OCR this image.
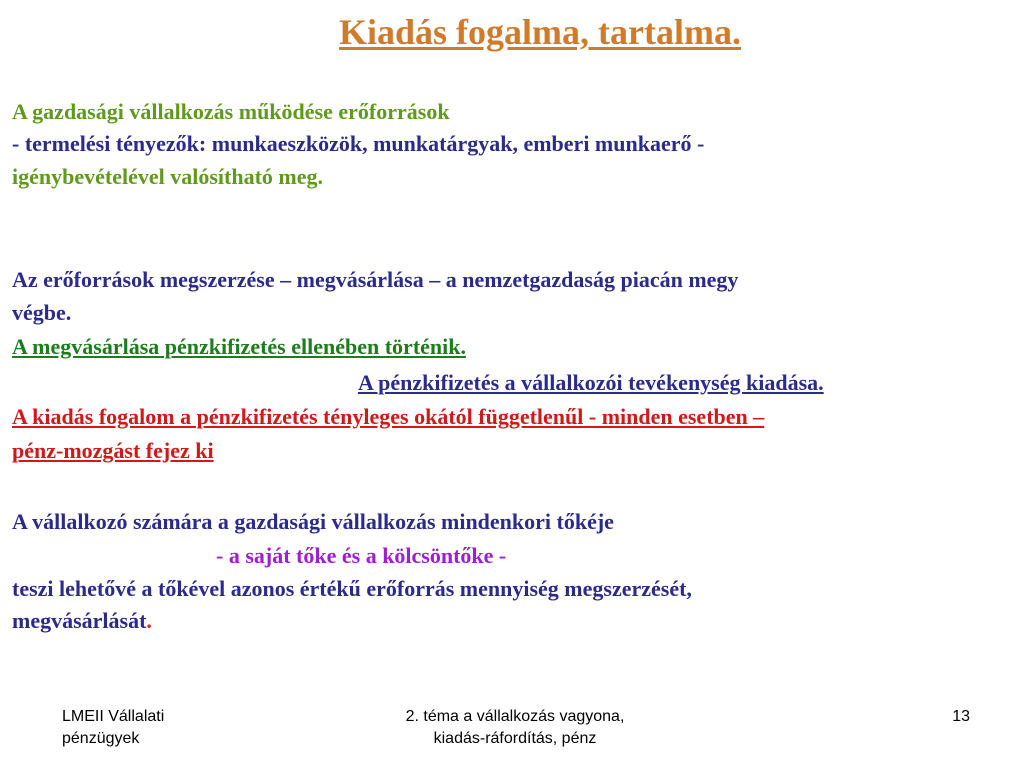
Kiadás fogalma, tartalma.
A gazdasági vállalkozás működése erőforrások
- termelési tényezők: munkaeszközök, munkatárgyak, emberi munkaerő -
igénybevételével valósítható meg.
Az erőforrások megszerzése – megvásárlása – a nemzetgazdaság piacán megy
végbe.
A megvásárlása pénzkifizetés ellenében történik.
A pénzkifizetés a vállalkozói tevékenység kiadása.
A kiadás fogalom a pénzkifizetés tényleges okától függetlenűl - minden esetben –
pénz-mozgást fejez ki
A vállalkozó számára a gazdasági vállalkozás mindenkori tőkéje
- a saját tőke és a kölcsöntőke -
teszi lehetővé a tőkével azonos értékű erőforrás mennyiség megszerzését,
megvásárlását.
LMEII Vállalati
pénzügyek
2. téma a vállalkozás vagyona,
kiadás-ráfordítás, pénz
13
